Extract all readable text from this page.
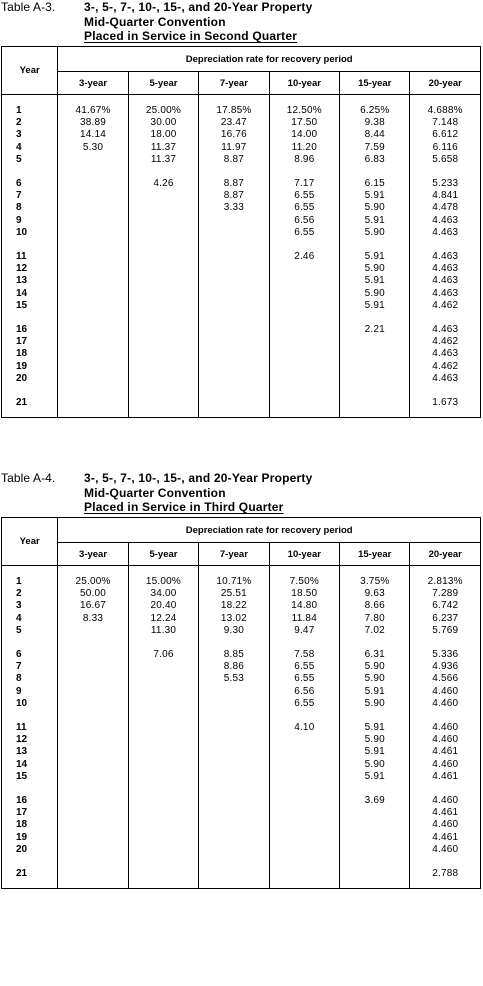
Table A-3. 3-, 5-, 7-, 10-, 15-, and 20-Year Property
Mid-Quarter Convention
Placed in Service in Second Quarter
Year	Depreciation rate for recovery period					
	3-year	5-year	7-year	10-year	15-year	20-year

1	41.67%	25.00%	17.85%	12.50%	6.25%	4.688%
2	38.89	30.00	23.47	17.50	9.38	7.148
3	14.14	18.00	16.76	14.00	8.44	6.612
4	5.30	11.37	11.97	11.20	7.59	6.116
5		11.37	8.87	8.96	6.83	5.658

6		4.26	8.87	7.17	6.15	5.233
7			8.87	6.55	5.91	4.841
8			3.33	6.55	5.90	4.478
9				6.56	5.91	4.463
10				6.55	5.90	4.463

11				2.46	5.91	4.463
12					5.90	4.463
13					5.91	4.463
14					5.90	4.463
15					5.91	4.462

16					2.21	4.463
17						4.462
18						4.463
19						4.462
20						4.463

21						1.673

Table A-4. 3-, 5-, 7-, 10-, 15-, and 20-Year Property
Mid-Quarter Convention
Placed in Service in Third Quarter
Year	Depreciation rate for recovery period					
	3-year	5-year	7-year	10-year	15-year	20-year

1	25.00%	15.00%	10.71%	7.50%	3.75%	2.813%
2	50.00	34.00	25.51	18.50	9.63	7.289
3	16.67	20.40	18.22	14.80	8.66	6.742
4	8.33	12.24	13.02	11.84	7.80	6.237
5		11.30	9.30	9.47	7.02	5.769

6		7.06	8.85	7.58	6.31	5.336
7			8.86	6.55	5.90	4.936
8			5.53	6.55	5.90	4.566
9				6.56	5.91	4.460
10				6.55	5.90	4.460

11				4.10	5.91	4.460
12					5.90	4.460
13					5.91	4.461
14					5.90	4.460
15					5.91	4.461

16					3.69	4.460
17						4.461
18						4.460
19						4.461
20						4.460

21						2.788
